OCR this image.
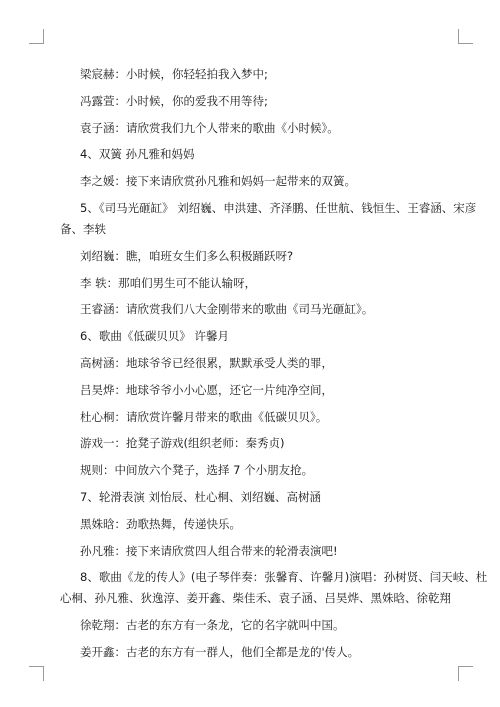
梁宸赫：小时候，你轻轻拍我入梦中;

冯露萱：小时候，你的爱我不用等待;

袁子涵：请欣赏我们九个人带来的歌曲《小时候》。

4、双簧 孙凡雅和妈妈

李之媛：接下来请欣赏孙凡雅和妈妈一起带来的双簧。

5、《司马光砸缸》 刘绍巍、申洪建、齐泽鹏、任世航、钱恒生、王睿涵、宋彦

备、李轶

刘绍巍：瞧，咱班女生们多么积极踊跃呀?

李 轶：那咱们男生可不能认输呀，

王睿涵：请欣赏我们八大金刚带来的歌曲《司马光砸缸》。

6、歌曲《低碳贝贝》 许馨月

高树涵：地球爷爷已经很累，默默承受人类的罪，

吕昊烨：地球爷爷小小心愿，还它一片纯净空间，

杜心桐：请欣赏许馨月带来的歌曲《低碳贝贝》。

游戏一：抢凳子游戏(组织老师：秦秀贞)

规则：中间放六个凳子，选择 7 个小朋友抢。

7、轮滑表演 刘怡辰、杜心桐、刘绍巍、高树涵

黑姝晗：劲歌热舞，传递快乐。

孙凡雅：接下来请欣赏四人组合带来的轮滑表演吧!

8、歌曲《龙的传人》(电子琴伴奏：张馨育、许馨月)演唱：孙树贤、闫天岐、杜

心桐、孙凡雅、狄逸淳、姜开鑫、柴佳禾、袁子涵、吕昊烨、黑姝晗、徐乾翔

徐乾翔：古老的东方有一条龙，它的名字就叫中国。

姜开鑫：古老的东方有一群人，他们全都是龙的'传人。
